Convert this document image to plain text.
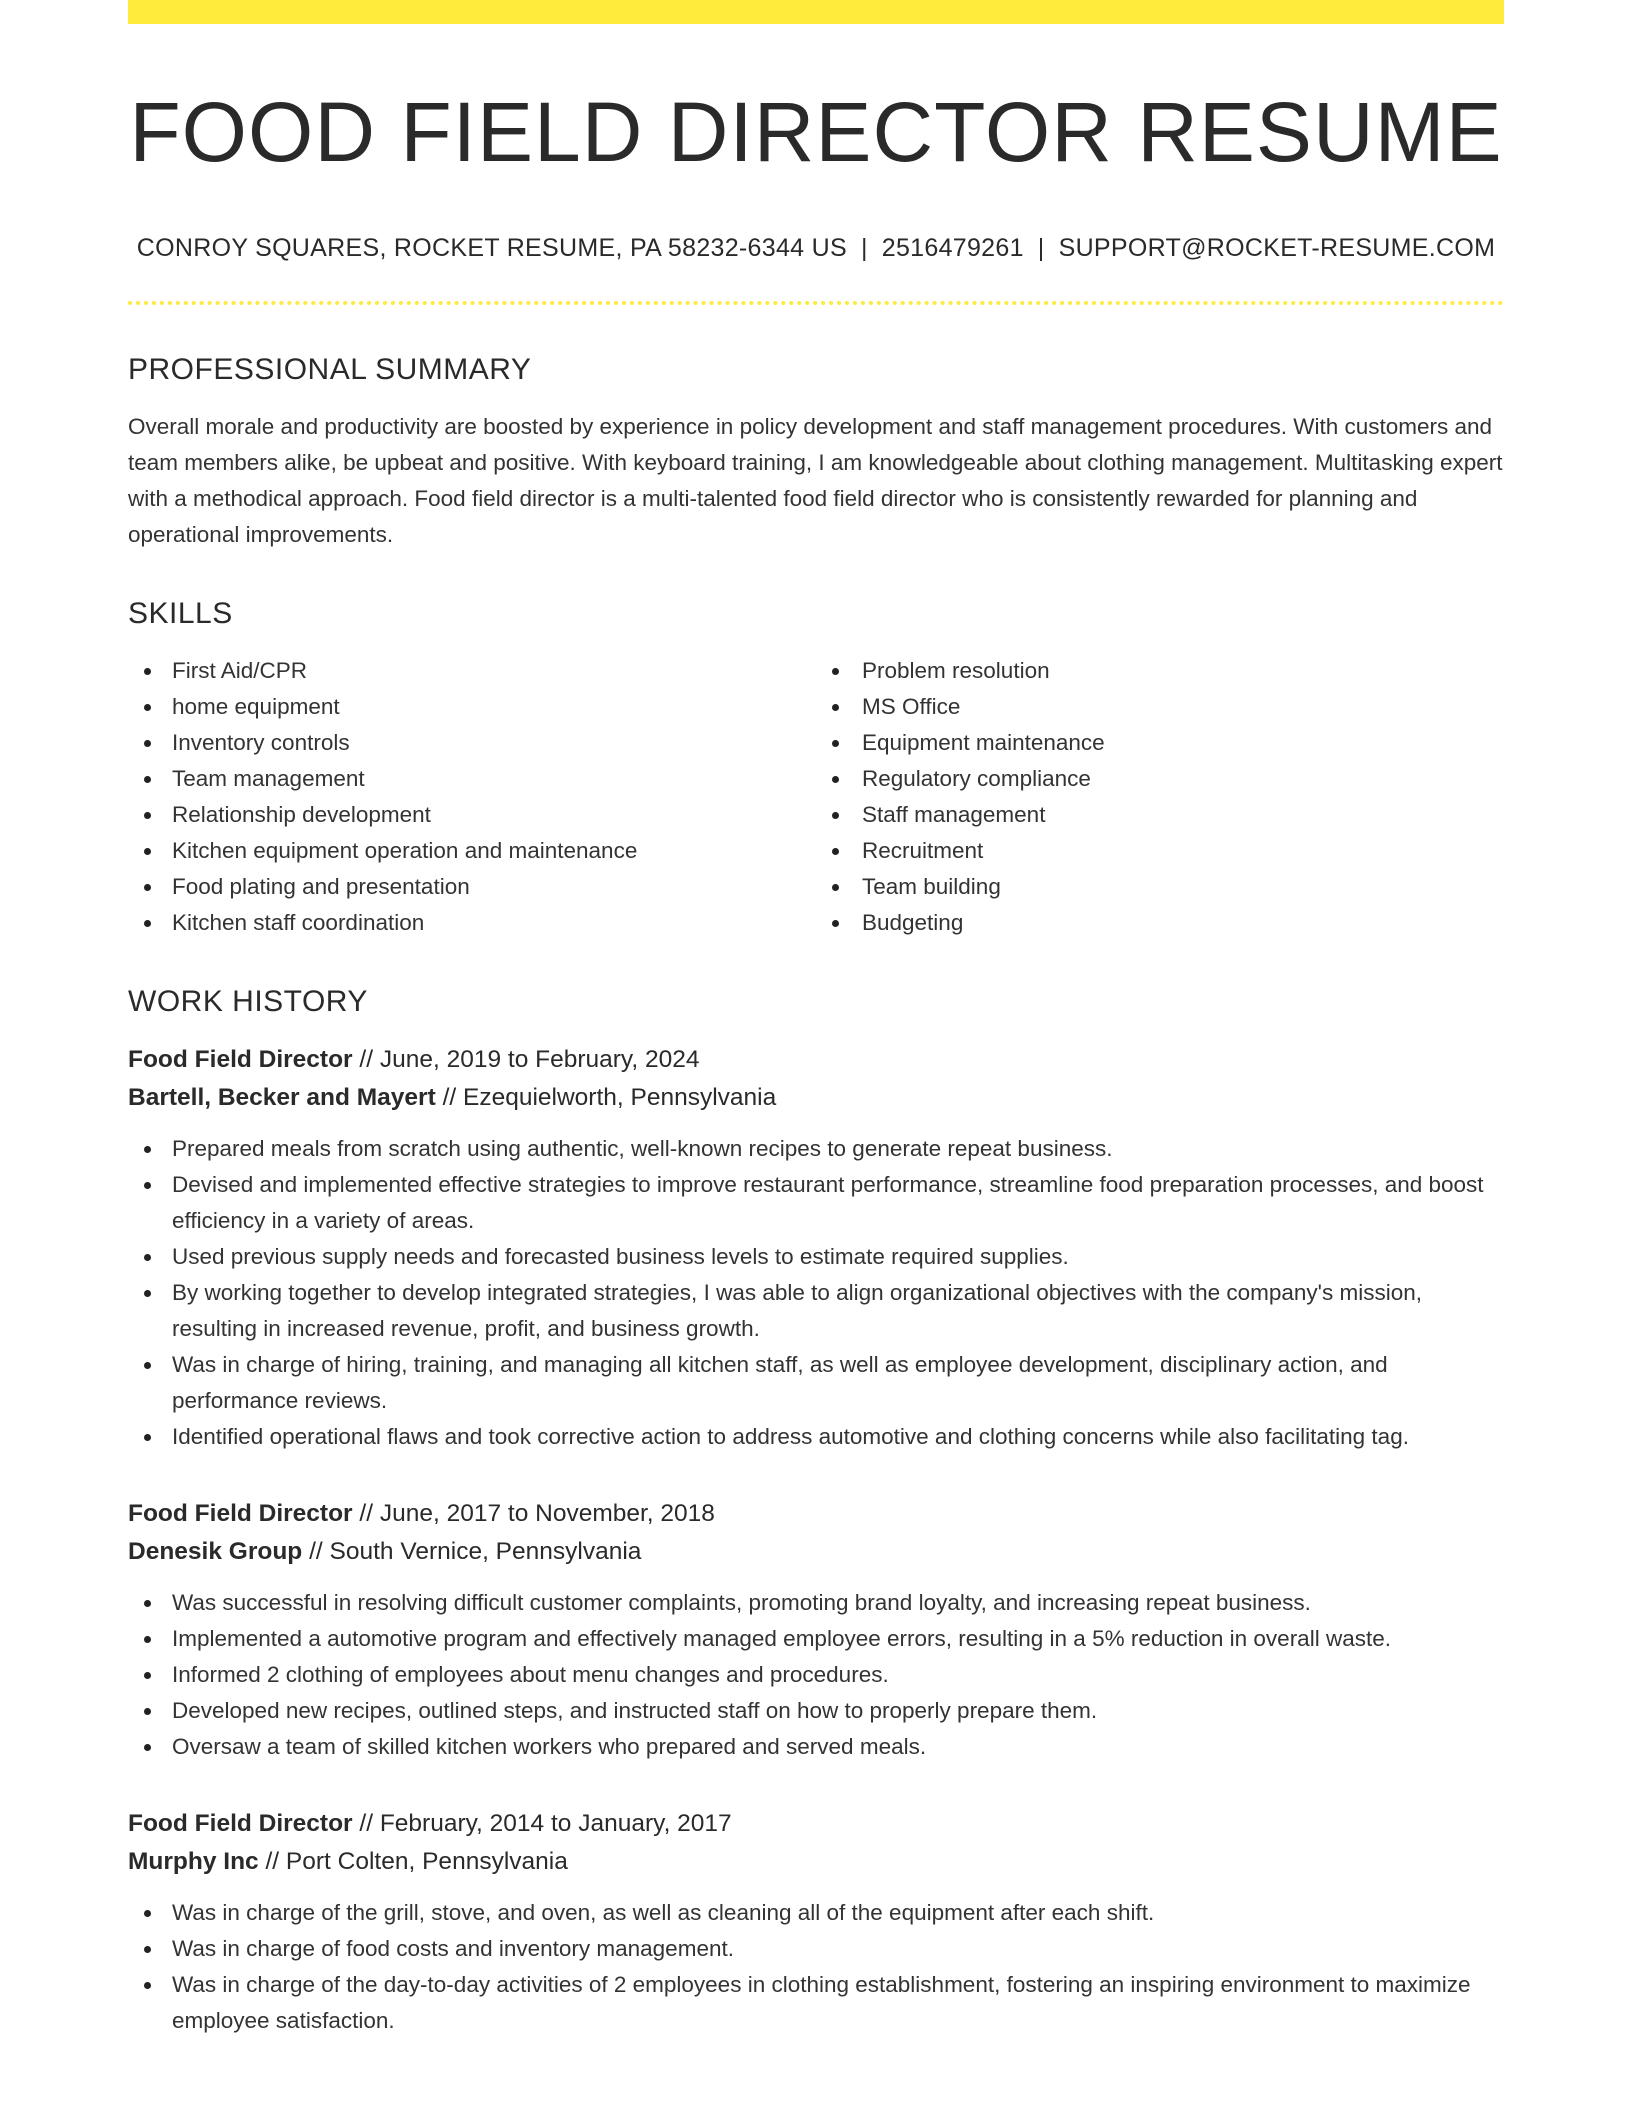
FOOD FIELD DIRECTOR RESUME
CONROY SQUARES, ROCKET RESUME, PA 58232-6344 US | 2516479261 | SUPPORT@ROCKET-RESUME.COM
PROFESSIONAL SUMMARY

Overall morale and productivity are boosted by experience in policy development and staff management procedures. With customers and team members alike, be upbeat and positive. With keyboard training, I am knowledgeable about clothing management. Multitasking expert with a methodical approach. Food field director is a multi-talented food field director who is consistently rewarded for planning and operational improvements.

SKILLS
First Aid/CPR
home equipment
Inventory controls
Team management
Relationship development
Kitchen equipment operation and maintenance
Food plating and presentation
Kitchen staff coordination
Problem resolution
MS Office
Equipment maintenance
Regulatory compliance
Staff management
Recruitment
Team building
Budgeting
WORK HISTORY
Food Field Director // June, 2019 to February, 2024
Bartell, Becker and Mayert // Ezequielworth, Pennsylvania
Prepared meals from scratch using authentic, well-known recipes to generate repeat business.
Devised and implemented effective strategies to improve restaurant performance, streamline food preparation processes, and boost efficiency in a variety of areas.
Used previous supply needs and forecasted business levels to estimate required supplies.
By working together to develop integrated strategies, I was able to align organizational objectives with the company's mission, resulting in increased revenue, profit, and business growth.
Was in charge of hiring, training, and managing all kitchen staff, as well as employee development, disciplinary action, and performance reviews.
Identified operational flaws and took corrective action to address automotive and clothing concerns while also facilitating tag.
Food Field Director // June, 2017 to November, 2018
Denesik Group // South Vernice, Pennsylvania
Was successful in resolving difficult customer complaints, promoting brand loyalty, and increasing repeat business.
Implemented a automotive program and effectively managed employee errors, resulting in a 5% reduction in overall waste.
Informed 2 clothing of employees about menu changes and procedures.
Developed new recipes, outlined steps, and instructed staff on how to properly prepare them.
Oversaw a team of skilled kitchen workers who prepared and served meals.
Food Field Director // February, 2014 to January, 2017
Murphy Inc // Port Colten, Pennsylvania
Was in charge of the grill, stove, and oven, as well as cleaning all of the equipment after each shift.
Was in charge of food costs and inventory management.
Was in charge of the day-to-day activities of 2 employees in clothing establishment, fostering an inspiring environment to maximize employee satisfaction.
